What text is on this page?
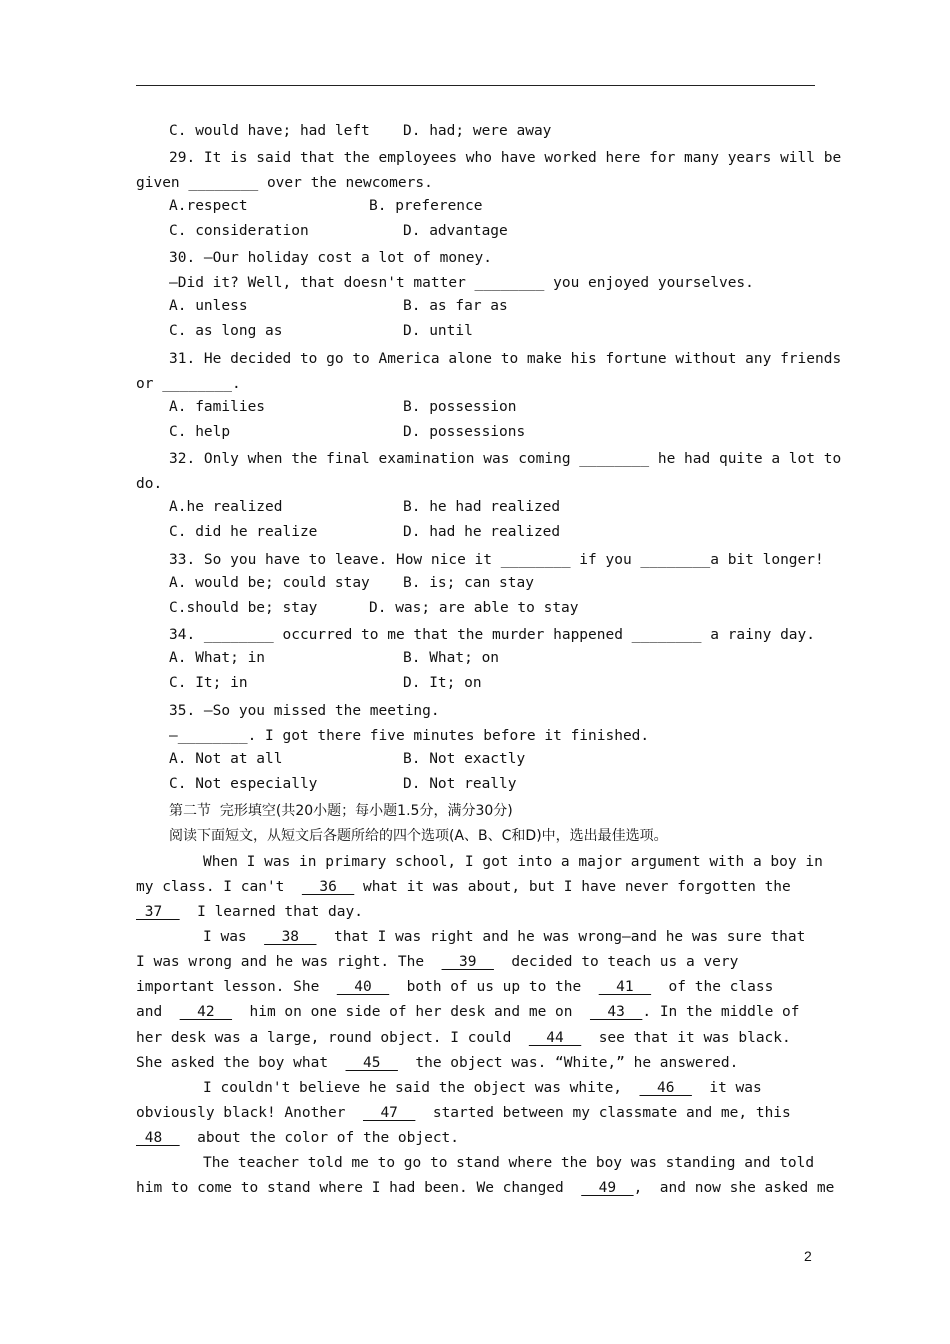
C. would have; had left D. had; were away
29. It is said that the employees who have worked here for many years will be
given ________ over the newcomers.
A.respect	B. preference
C. consideration	D. advantage
30. —Our holiday cost a lot of money.
—Did it? Well, that doesn't matter ________ you enjoyed yourselves.
A. unless	B. as far as
C. as long as	D. until
31. He decided to go to America alone to make his fortune without any friends
or ________.
A. families	B. possession
C. help	D. possessions
32. Only when the final examination was coming ________ he had quite a lot to
do.
A.he realized	B. he had realized
C. did he realize	D. had he realized
33. So you have to leave. How nice it ________ if you ________a bit longer!
A. would be; could stay B. is; can stay
C.should be; stay	D. was; are able to stay
34. ________ occurred to me that the murder happened ________ a rainy day.
A. What; in	B. What; on
C. It; in	D. It; on
35. —So you missed the meeting.
—________. I got there five minutes before it finished.
A. Not at all	B. Not exactly
C. Not especially	D. Not really
第二节  完形填空(共20小题；每小题1.5分，满分30分)
阅读下面短文，从短文后各题所给的四个选项(A、B、C和D)中，选出最佳选项。
When I was in primary school, I got into a major argument with a boy in
my class. I can't    36   what it was about, but I have never forgotten the
37    I learned that day.
I was    38    that I was right and he was wrong—and he was sure that
I was wrong and he was right. The    39    decided to teach us a very
important lesson. She    40    both of us up to the    41    of the class
and    42    him on one side of her desk and me on    43  . In the middle of
her desk was a large, round object. I could    44    see that it was black.
She asked the boy what    45    the object was. “White,” he answered.
I couldn't believe he said the object was white,    46    it was
obviously black! Another    47    started between my classmate and me, this
48    about the color of the object.
The teacher told me to go to stand where the boy was standing and told
him to come to stand where I had been. We changed    49  ,  and now she asked me
2
